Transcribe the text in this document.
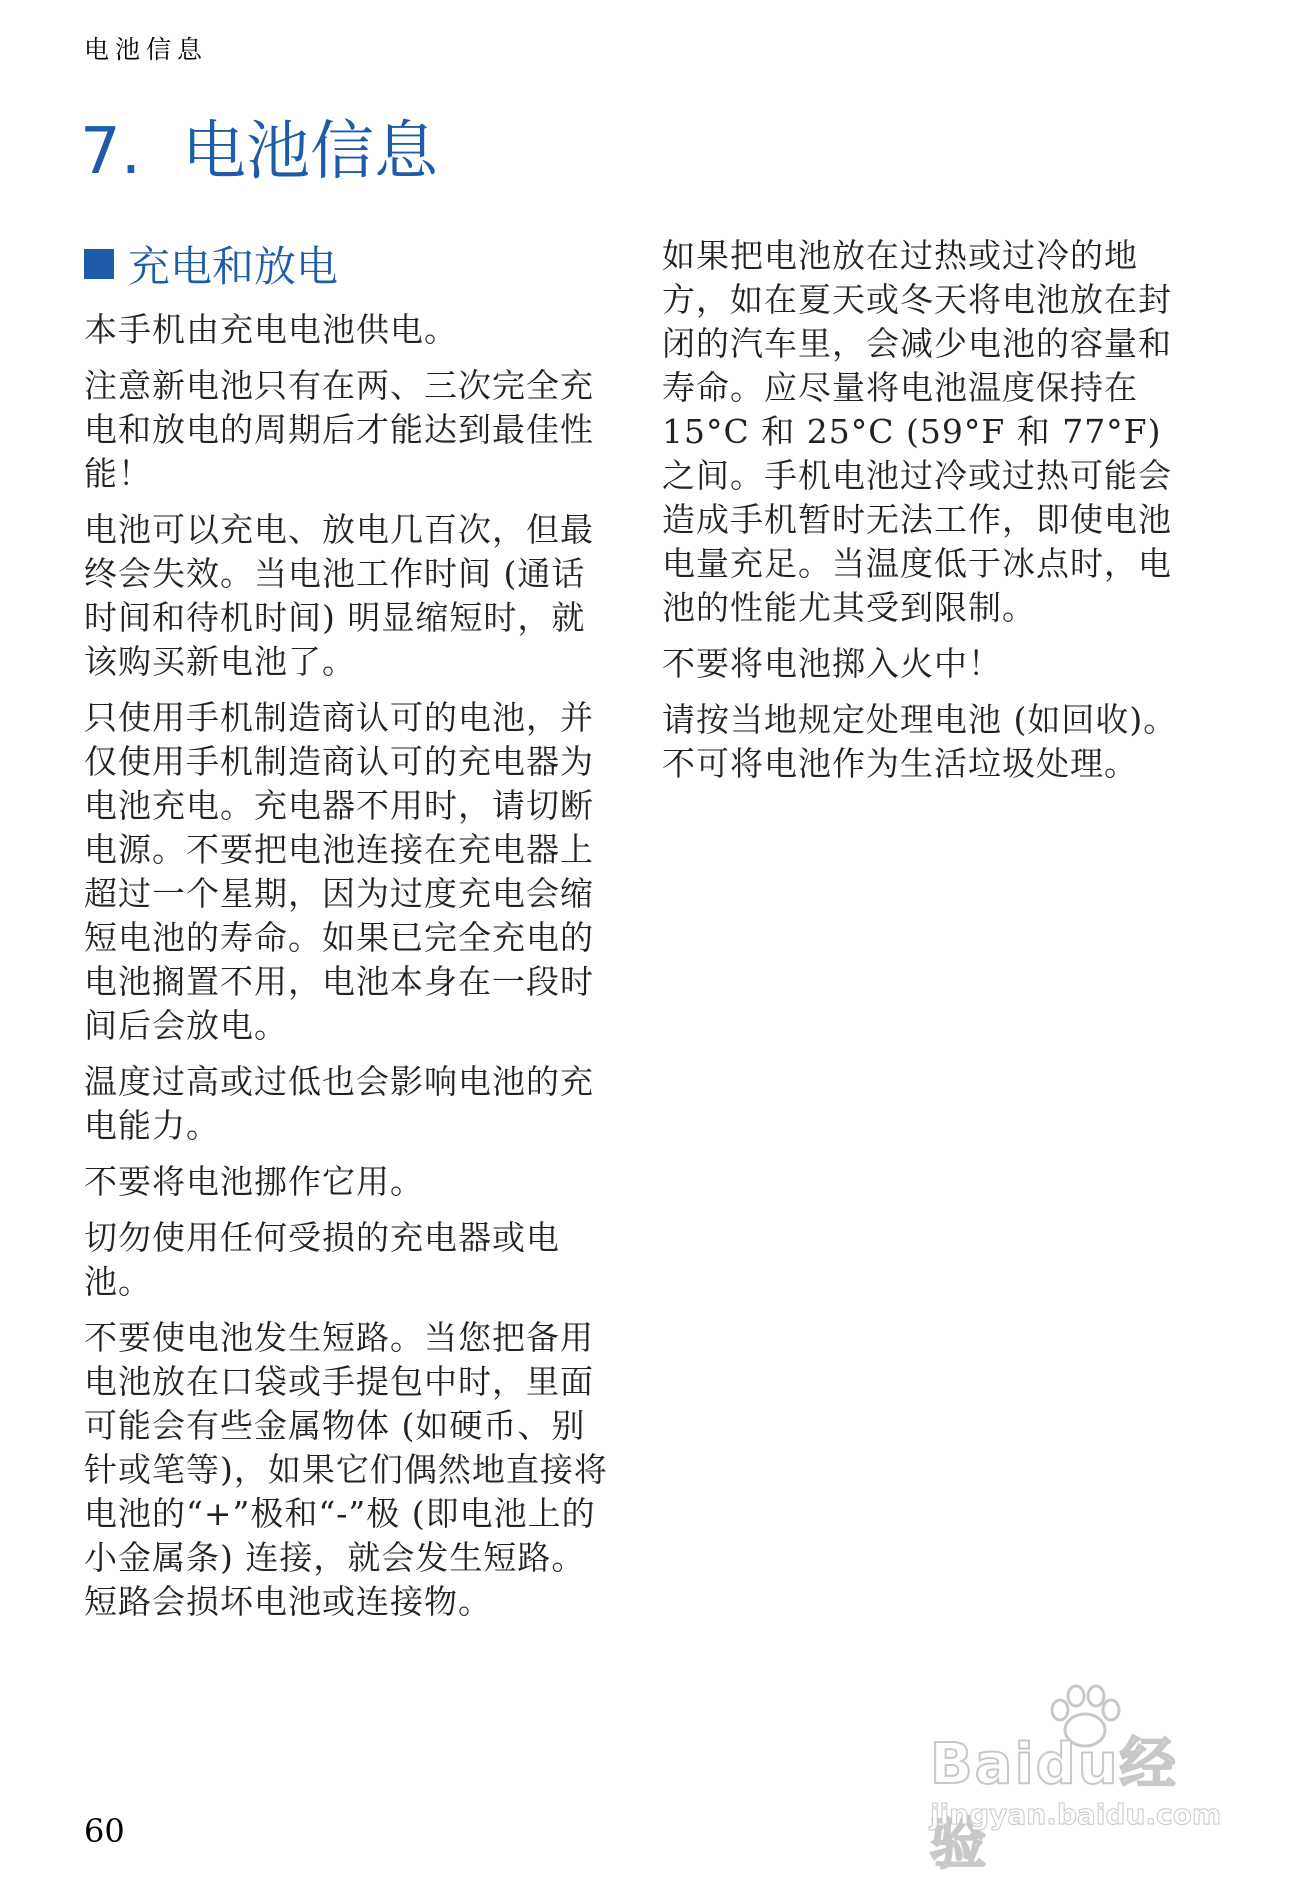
电池信息
7. 电池信息
充电和放电

本手机由充电电池供电。

注意新电池只有在两、三次完全充电和放电的周期后才能达到最佳性能！

电池可以充电、放电几百次，但最终会失效。当电池工作时间 (通话时间和待机时间) 明显缩短时，就该购买新电池了。

只使用手机制造商认可的电池，并仅使用手机制造商认可的充电器为电池充电。充电器不用时，请切断电源。不要把电池连接在充电器上超过一个星期，因为过度充电会缩短电池的寿命。如果已完全充电的电池搁置不用，电池本身在一段时间后会放电。

温度过高或过低也会影响电池的充电能力。

不要将电池挪作它用。

切勿使用任何受损的充电器或电池。

不要使电池发生短路。当您把备用电池放在口袋或手提包中时，里面可能会有些金属物体 (如硬币、别针或笔等)，如果它们偶然地直接将电池的“+”极和“-”极 (即电池上的小金属条) 连接，就会发生短路。短路会损坏电池或连接物。

如果把电池放在过热或过冷的地方，如在夏天或冬天将电池放在封闭的汽车里，会减少电池的容量和寿命。应尽量将电池温度保持在 15°C 和 25°C (59°F 和 77°F) 之间。手机电池过冷或过热可能会造成手机暂时无法工作，即使电池电量充足。当温度低于冰点时，电池的性能尤其受到限制。

不要将电池掷入火中！

请按当地规定处理电池 (如回收)。不可将电池作为生活垃圾处理。

60
Baidu经验
jingyan.baidu.com
